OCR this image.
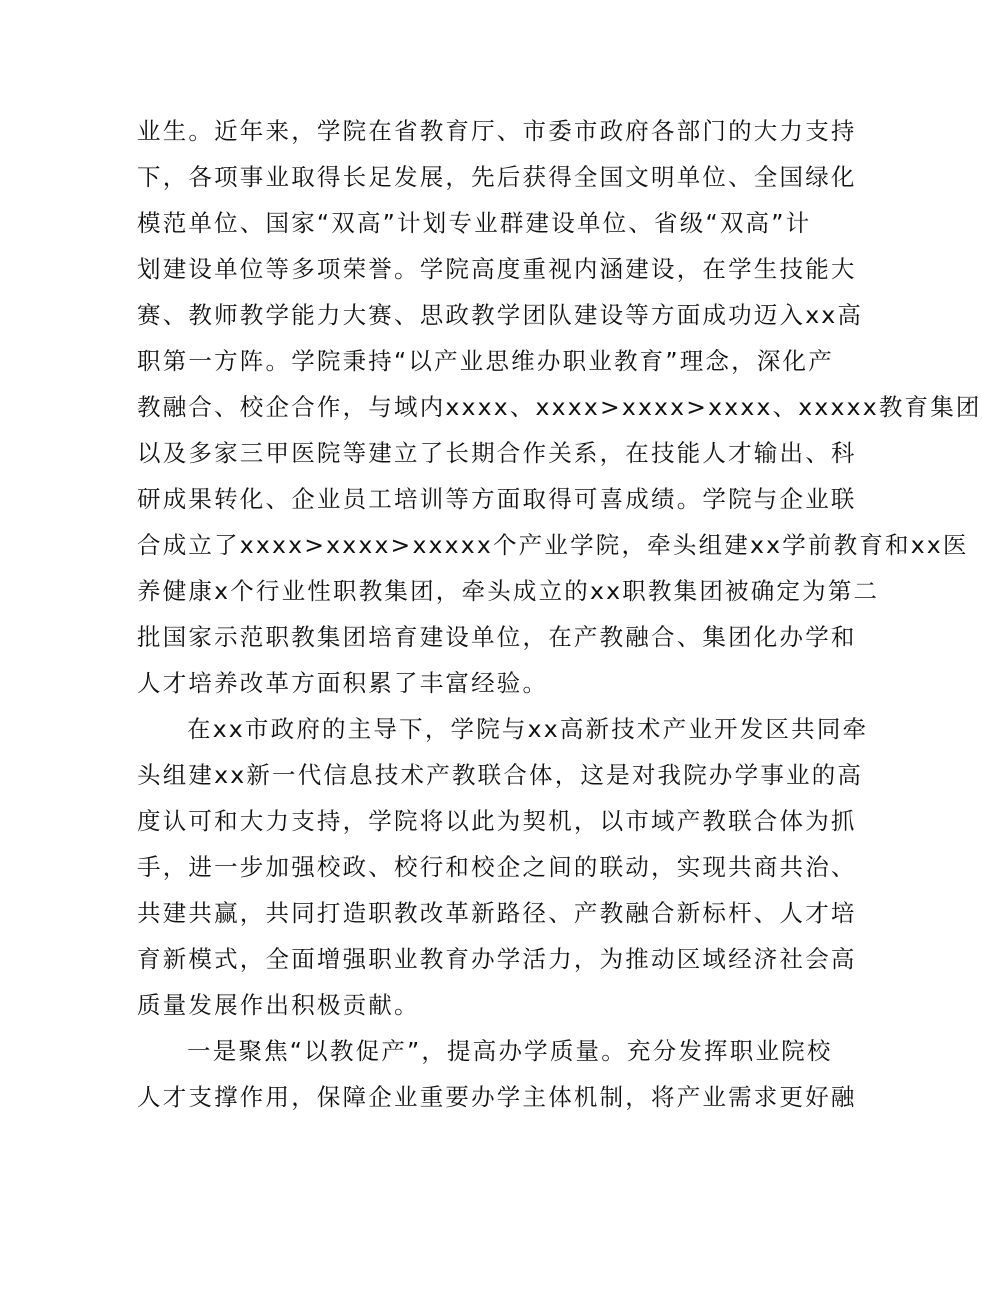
业生。近年来，学院在省教育厅、市委市政府各部门的大力支持
下，各项事业取得长足发展，先后获得全国文明单位、全国绿化
模范单位、国家“双高”计划专业群建设单位、省级“双高”计
划建设单位等多项荣誉。学院高度重视内涵建设，在学生技能大
赛、教师教学能力大赛、思政教学团队建设等方面成功迈入xx高
职第一方阵。学院秉持“以产业思维办职业教育”理念，深化产
教融合、校企合作，与域内xxxx、xxxx>xxxx>xxxx、xxxxx教育集团
以及多家三甲医院等建立了长期合作关系，在技能人才输出、科
研成果转化、企业员工培训等方面取得可喜成绩。学院与企业联
合成立了xxxx>xxxx>xxxxx个产业学院，牵头组建xx学前教育和xx医
养健康x个行业性职教集团，牵头成立的xx职教集团被确定为第二
批国家示范职教集团培育建设单位，在产教融合、集团化办学和
人才培养改革方面积累了丰富经验。
在xx市政府的主导下，学院与xx高新技术产业开发区共同牵
头组建xx新一代信息技术产教联合体，这是对我院办学事业的高
度认可和大力支持，学院将以此为契机，以市域产教联合体为抓
手，进一步加强校政、校行和校企之间的联动，实现共商共治、
共建共赢，共同打造职教改革新路径、产教融合新标杆、人才培
育新模式，全面增强职业教育办学活力，为推动区域经济社会高
质量发展作出积极贡献。
一是聚焦“以教促产”，提高办学质量。充分发挥职业院校
人才支撑作用，保障企业重要办学主体机制，将产业需求更好融
